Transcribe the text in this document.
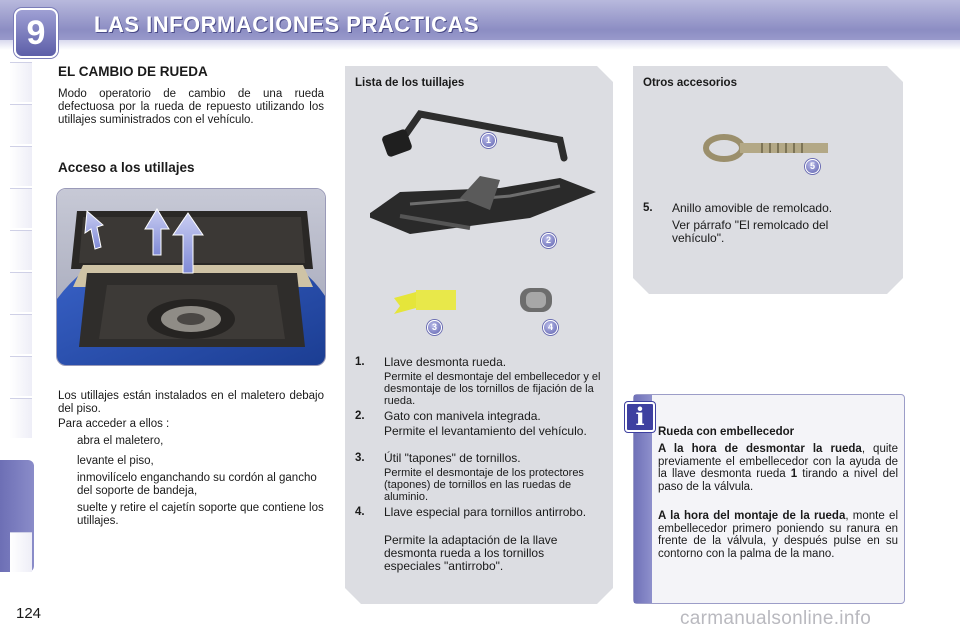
9	LAS INFORMACIONES PRÁCTICAS
EL CAMBIO DE RUEDA
Modo operatorio de cambio de una rueda defectuosa por la rueda de repuesto utilizando los utillajes suministrados con el vehículo.
Acceso a los utillajes
Los utillajes están instalados en el maletero debajo del piso.
Para acceder a ellos :
abra el maletero,
levante el piso,
inmovilícelo enganchando su cordón al gancho del soporte de bandeja,
suelte y retire el cajetín soporte que contiene los utillajes.
Lista de los tuillajes
1
2
3	4
1. Llave desmonta rueda.
Permite el desmontaje del embellecedor y el desmontaje de los tornillos de fijación de la rueda.
2. Gato con manivela integrada.
Permite el levantamiento del vehículo.
3. Útil "tapones" de tornillos.
Permite el desmontaje de los protectores (tapones) de tornillos en las ruedas de aluminio.
4. Llave especial para tornillos antirrobo.
Permite la adaptación de la llave desmonta rueda a los tornillos especiales "antirrobo".
Otros accesorios
5
5. Anillo amovible de remolcado.
Ver párrafo "El remolcado del vehículo".
i
Rueda con embellecedor
A la hora de desmontar la rueda, quite previamente el embellecedor con la ayuda de la llave desmonta rueda 1 tirando a nivel del paso de la válvula.
A la hora del montaje de la rueda, monte el embellecedor primero poniendo su ranura en frente de la válvula, y después pulse en su contorno con la palma de la mano.
124	carmanualsonline.info
